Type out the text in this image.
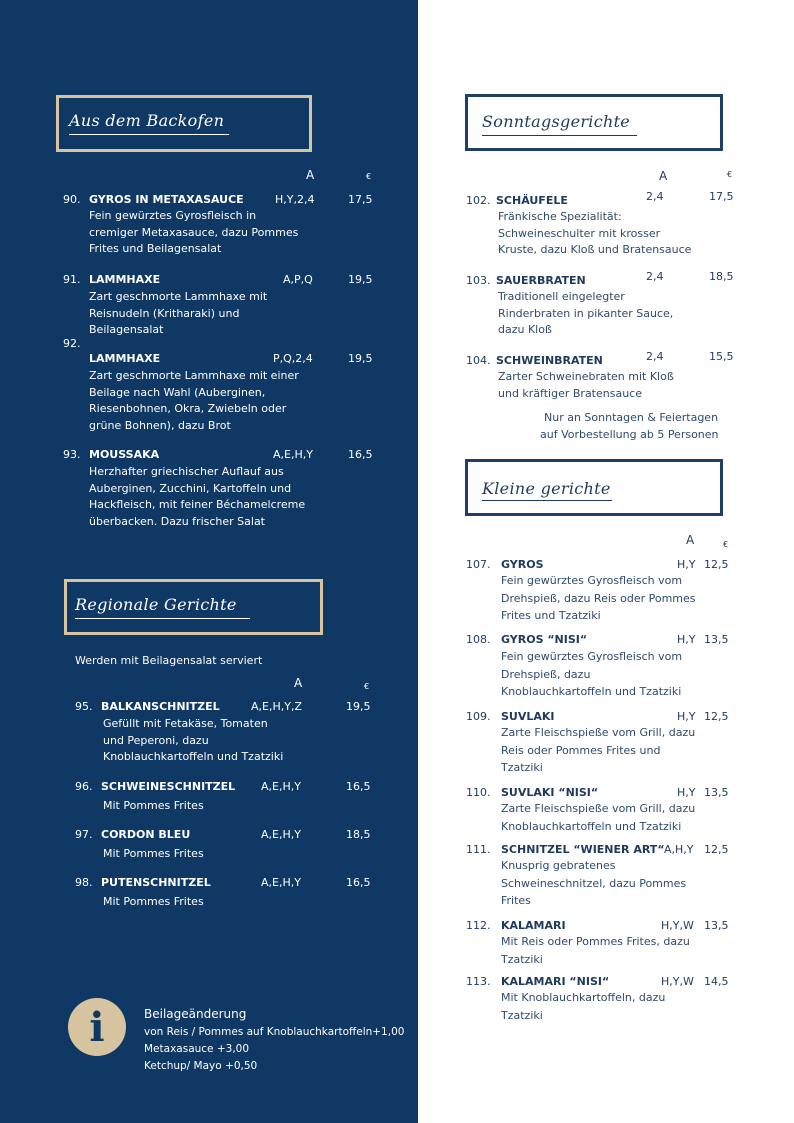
Aus dem Backofen
A	€
90. GYROS IN METAXASAUCE	H,Y,2,4	17,5
Fein gewürztes Gyrosfleisch in
cremiger Metaxasauce, dazu Pommes
Frites und Beilagensalat
91. LAMMHAXE	A,P,Q	19,5
Zart geschmorte Lammhaxe mit
Reisnudeln (Kritharaki) und
Beilagensalat
92.
LAMMHAXE	P,Q,2,4	19,5
Zart geschmorte Lammhaxe mit einer
Beilage nach Wahl (Auberginen,
Riesenbohnen, Okra, Zwiebeln oder
grüne Bohnen), dazu Brot
93. MOUSSAKA	A,E,H,Y	16,5
Herzhafter griechischer Auflauf aus
Auberginen, Zucchini, Kartoffeln und
Hackfleisch, mit feiner Béchamelcreme
überbacken. Dazu frischer Salat
Regionale Gerichte
Werden mit Beilagensalat serviert
A	€
95. BALKANSCHNITZEL	A,E,H,Y,Z	19,5
Gefüllt mit Fetakäse, Tomaten
und Peperoni, dazu
Knoblauchkartoffeln und Tzatziki
96. SCHWEINESCHNITZEL A,E,H,Y	16,5
Mit Pommes Frites
97. CORDON BLEU	A,E,H,Y	18,5
Mit Pommes Frites
98. PUTENSCHNITZEL	A,E,H,Y	16,5
Mit Pommes Frites
i	Beilageänderung
von Reis / Pommes auf Knoblauchkartoffeln+1,00
Metaxasauce +3,00
Ketchup/ Mayo +0,50
Sonntagsgerichte
A	€
102. SCHÄUFELE	2,4	17,5
Fränkische Spezialität:
Schweineschulter mit krosser
Kruste, dazu Kloß und Bratensauce
103. SAUERBRATEN	2,4	18,5
Traditionell eingelegter
Rinderbraten in pikanter Sauce,
dazu Kloß
104. SCHWEINBRATEN	2,4	15,5
Zarter Schweinebraten mit Kloß
und kräftiger Bratensauce
Nur an Sonntagen & Feiertagen
auf Vorbestellung ab 5 Personen
Kleine gerichte
A	€
107. GYROS	H,Y 12,5
Fein gewürztes Gyrosfleisch vom
Drehspieß, dazu Reis oder Pommes
Frites und Tzatziki
108. GYROS “NISI“	H,Y 13,5
Fein gewürztes Gyrosfleisch vom
Drehspieß, dazu
Knoblauchkartoffeln und Tzatziki
109. SUVLAKI	H,Y 12,5
Zarte Fleischspieße vom Grill, dazu
Reis oder Pommes Frites und
Tzatziki
110. SUVLAKI “NISI“	H,Y 13,5
Zarte Fleischspieße vom Grill, dazu
Knoblauchkartoffeln und Tzatziki
111. SCHNITZEL “WIENER ART“ A,H,Y 12,5
Knusprig gebratenes
Schweineschnitzel, dazu Pommes
Frites
112. KALAMARI	H,Y,W 13,5
Mit Reis oder Pommes Frites, dazu
Tzatziki
113. KALAMARI “NISI“	H,Y,W 14,5
Mit Knoblauchkartoffeln, dazu
Tzatziki
